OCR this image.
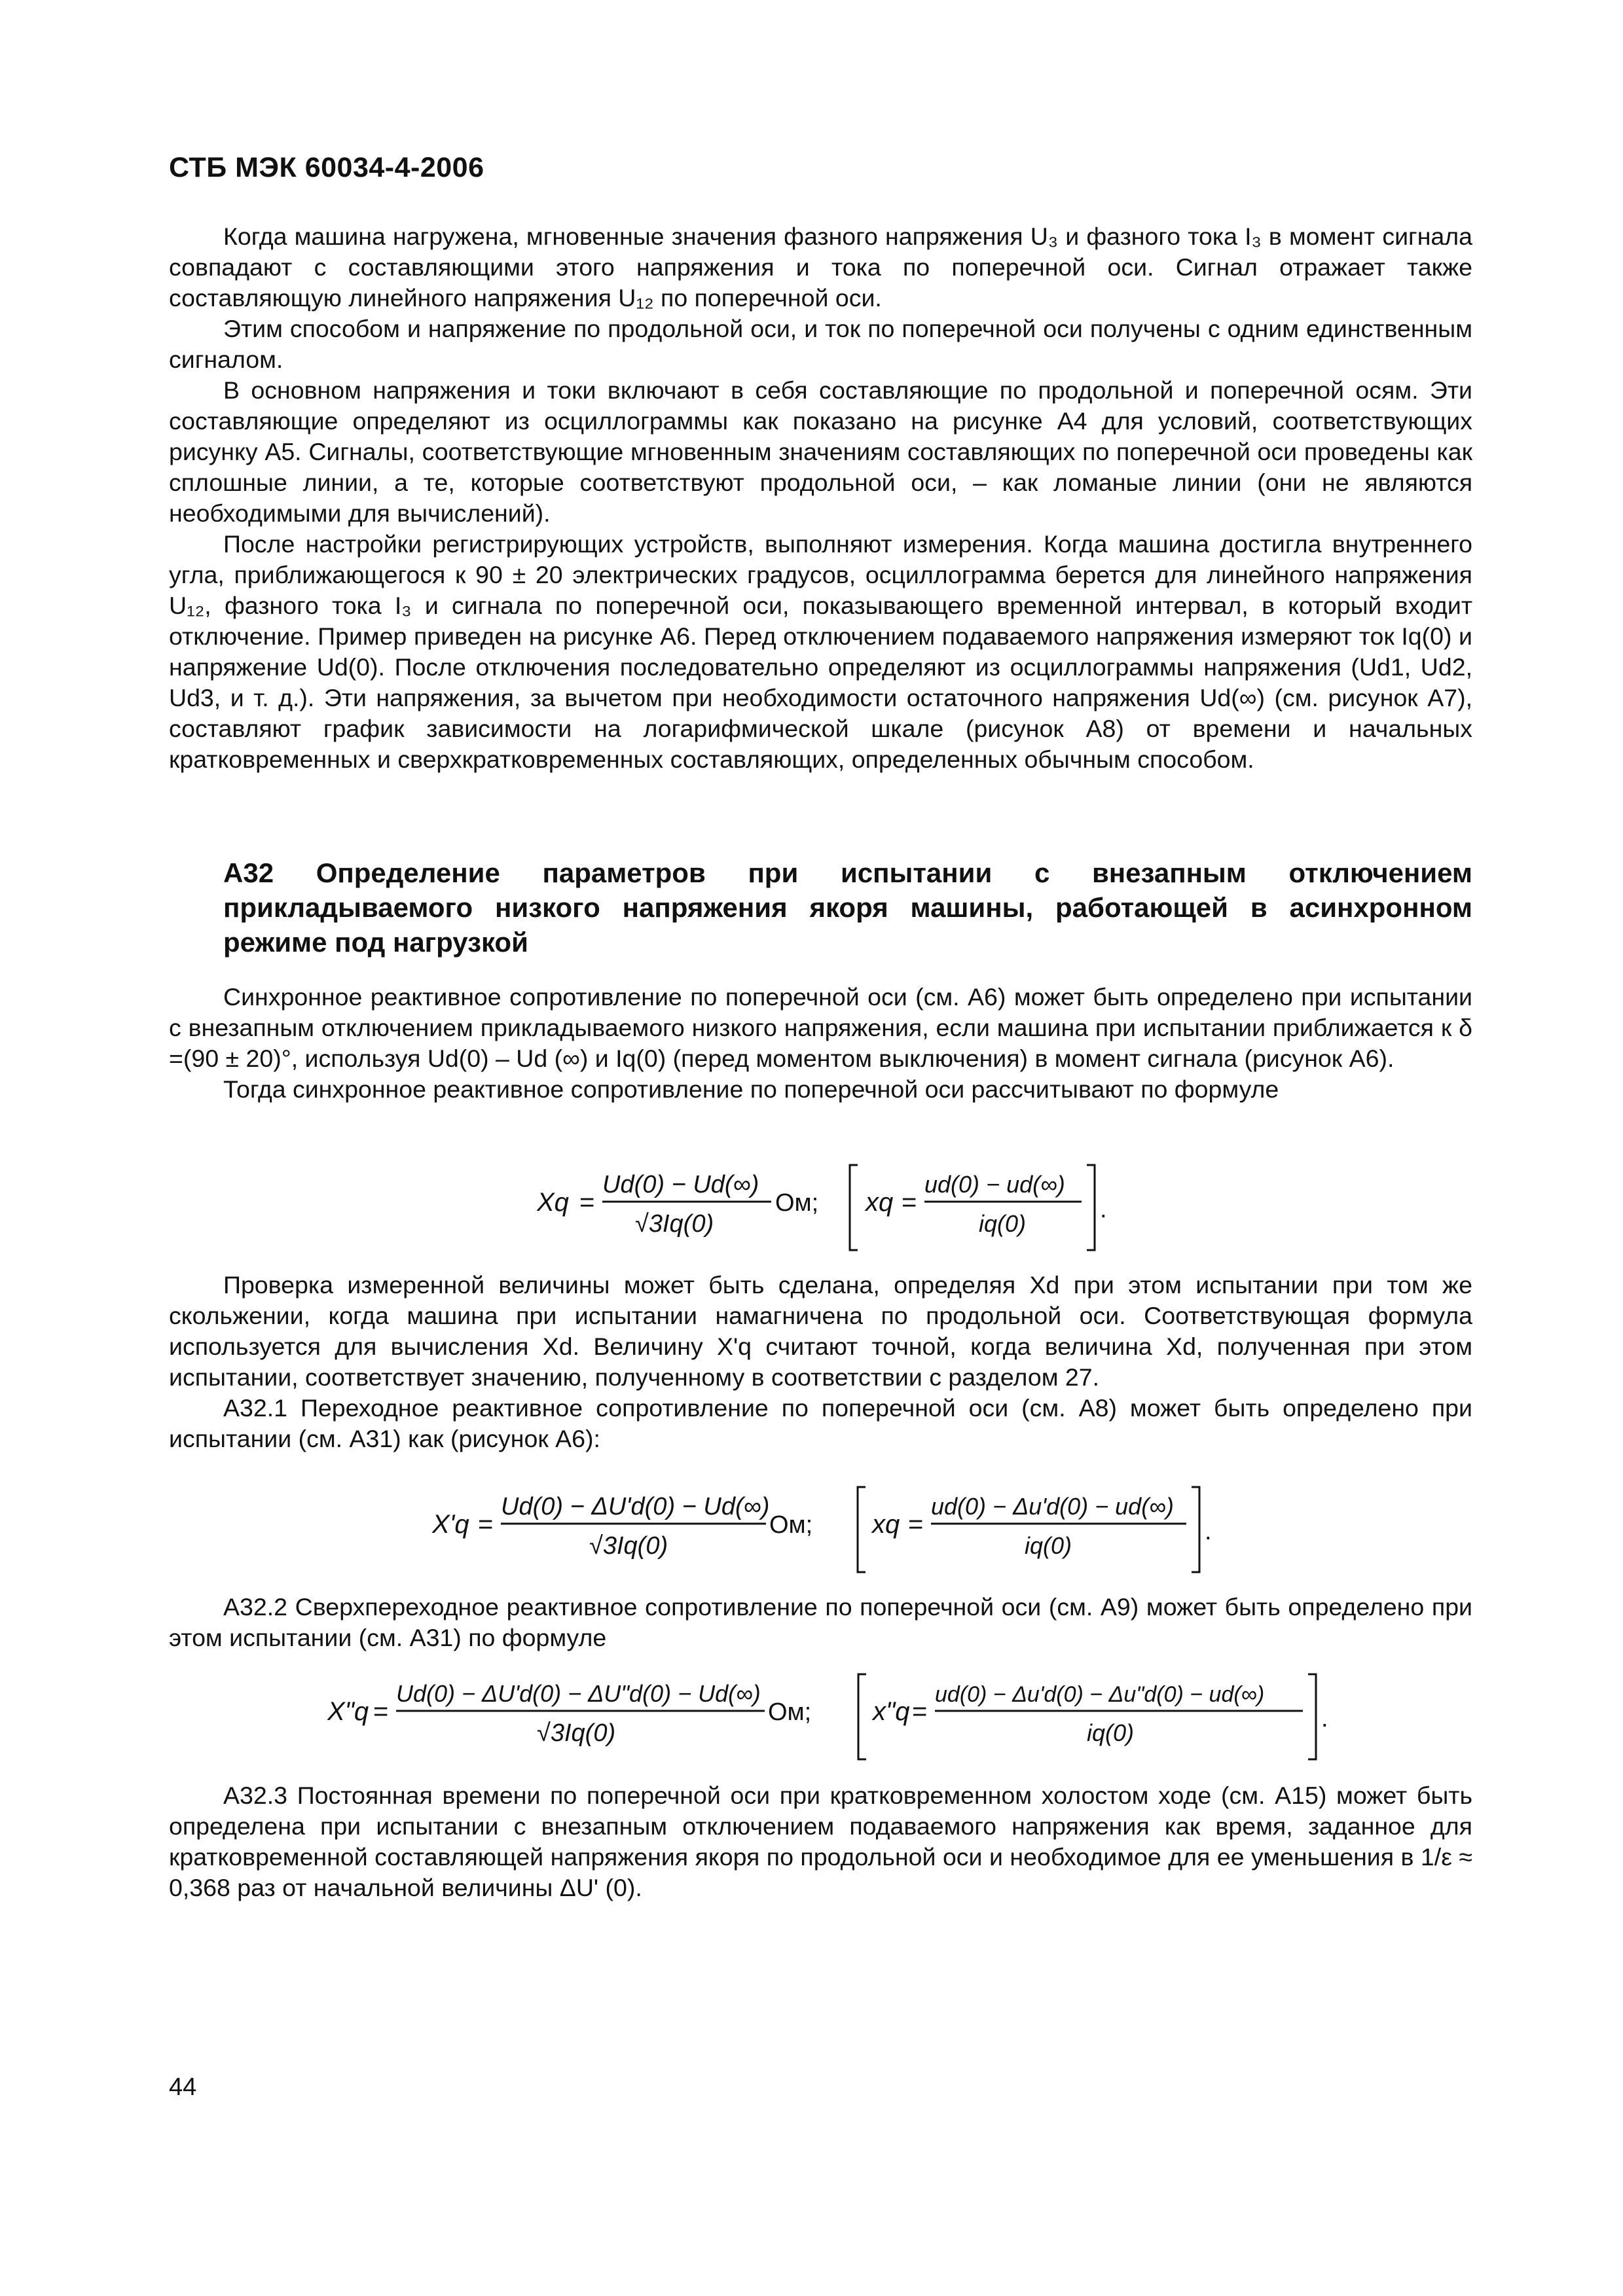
СТБ МЭК 60034-4-2006

Когда машина нагружена, мгновенные значения фазного напряжения U₃ и фазного тока I₃ в момент сигнала совпадают с составляющими этого напряжения и тока по поперечной оси. Сигнал отражает также составляющую линейного напряжения U₁₂ по поперечной оси.

Этим способом и напряжение по продольной оси, и ток по поперечной оси получены с одним единственным сигналом.

В основном напряжения и токи включают в себя составляющие по продольной и поперечной осям. Эти составляющие определяют из осциллограммы как показано на рисунке А4 для условий, соответствующих рисунку А5. Сигналы, соответствующие мгновенным значениям составляющих по поперечной оси проведены как сплошные линии, а те, которые соответствуют продольной оси, – как ломаные линии (они не являются необходимыми для вычислений).

После настройки регистрирующих устройств, выполняют измерения. Когда машина достигла внутреннего угла, приближающегося к 90 ± 20 электрических градусов, осциллограмма берется для линейного напряжения U₁₂, фазного тока I₃ и сигнала по поперечной оси, показывающего временной интервал, в который входит отключение. Пример приведен на рисунке А6. Перед отключением подаваемого напряжения измеряют ток Iq(0) и напряжение Ud(0). После отключения последовательно определяют из осциллограммы напряжения (Ud1, Ud2, Ud3, и т. д.). Эти напряжения, за вычетом при необходимости остаточного напряжения Ud(∞) (см. рисунок А7), составляют график зависимости на логарифмической шкале (рисунок А8) от времени и начальных кратковременных и сверхкратковременных составляющих, определенных обычным способом.

А32 Определение параметров при испытании с внезапным отключением прикладываемого низкого напряжения якоря машины, работающей в асинхронном режиме под нагрузкой

Синхронное реактивное сопротивление по поперечной оси (см. А6) может быть определено при испытании с внезапным отключением прикладываемого низкого напряжения, если машина при испытании приближается к δ =(90 ± 20)°, используя Ud(0) – Ud (∞) и Iq(0) (перед моментом выключения) в момент сигнала (рисунок А6).

Тогда синхронное реактивное сопротивление по поперечной оси рассчитывают по формуле

Xq =
Ud(0) − Ud(∞)
√3Iq(0)
Ом; xq =
ud(0) − ud(∞)
iq(0)
.

Проверка измеренной величины может быть сделана, определяя Xd при этом испытании при том же скольжении, когда машина при испытании намагничена по продольной оси. Соответствующая формула используется для вычисления Xd. Величину X'q считают точной, когда величина Xd, полученная при этом испытании, соответствует значению, полученному в соответствии с разделом 27.

А32.1 Переходное реактивное сопротивление по поперечной оси (см. А8) может быть определено при испытании (см. А31) как (рисунок А6):

X'q =
Ud(0) − ΔU'd(0) − Ud(∞)
√3Iq(0)
Ом; xq =
ud(0) − Δu'd(0) − ud(∞)
iq(0)
.

А32.2 Сверхпереходное реактивное сопротивление по поперечной оси (см. А9) может быть определено при этом испытании (см. А31) по формуле

X"q =
Ud(0) − ΔU'd(0) − ΔU"d(0) − Ud(∞)
√3Iq(0)
Ом; x"q =
ud(0) − Δu'd(0) − Δu"d(0) − ud(∞)
iq(0)
.

А32.3 Постоянная времени по поперечной оси при кратковременном холостом ходе (см. А15) может быть определена при испытании с внезапным отключением подаваемого напряжения как время, заданное для кратковременной составляющей напряжения якоря по продольной оси и необходимое для ее уменьшения в 1/ε ≈ 0,368 раз от начальной величины ΔU' (0).

44
